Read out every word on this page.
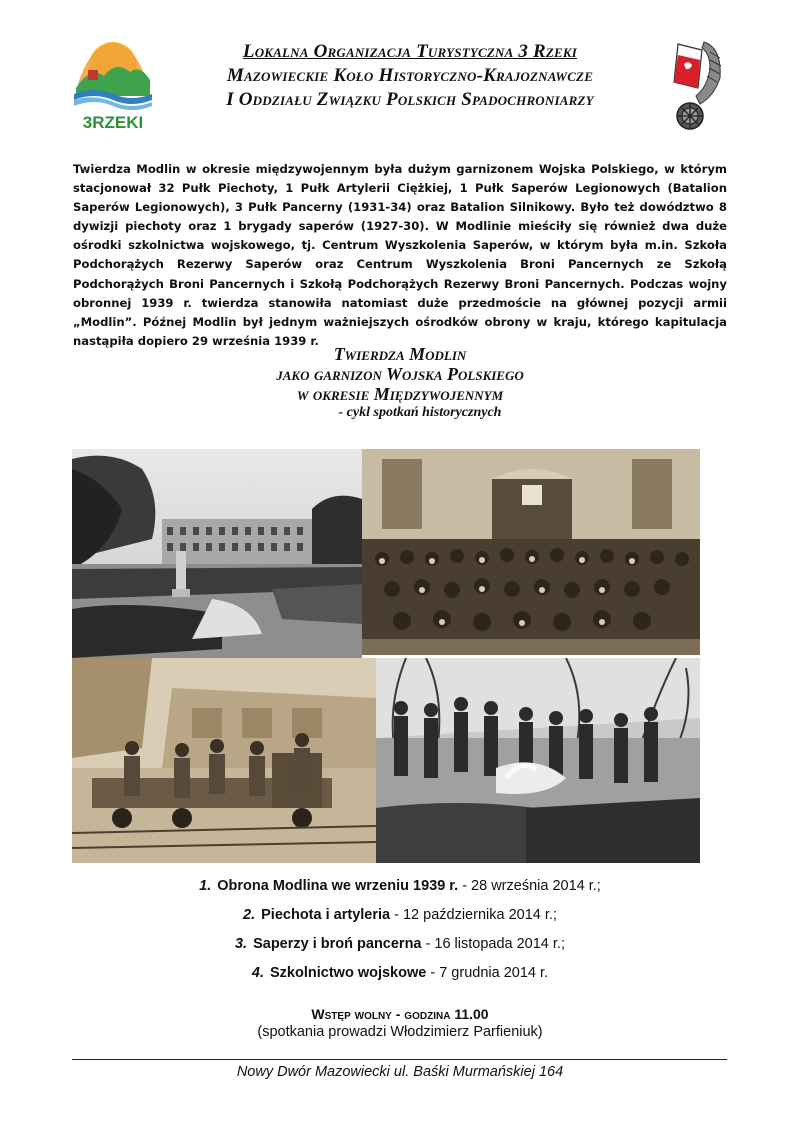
3RZEKI
Lokalna Organizacja Turystyczna 3 Rzeki
Mazowieckie Koło Historyczno-Krajoznawcze
I Oddziału Związku Polskich Spadochroniarzy
Twierdza Modlin w okresie międzywojennym była dużym garnizonem Wojska Polskiego, w którym stacjonował 32 Pułk Piechoty, 1 Pułk Artylerii Ciężkiej, 1 Pułk Saperów Legionowych (Batalion Saperów Legionowych), 3 Pułk Pancerny (1931-34) oraz Batalion Silnikowy. Było też dowództwo 8 dywizji piechoty oraz 1 brygady saperów (1927-30). W Modlinie mieściły się również dwa duże ośrodki szkolnictwa wojskowego, tj. Centrum Wyszkolenia Saperów, w którym była m.in. Szkoła Podchorążych Rezerwy Saperów oraz Centrum Wyszkolenia Broni Pancernych ze Szkołą Podchorążych Broni Pancernych i Szkołą Podchorążych Rezerwy Broni Pancernych. Podczas wojny obronnej 1939 r. twierdza stanowiła natomiast duże przedmoście na głównej pozycji armii „Modlin”. Późnej Modlin był jednym ważniejszych ośrodków obrony w kraju, którego kapitulacja nastąpiła dopiero 29 września 1939 r.
Twierdza Modlin
jako garnizon Wojska Polskiego
w okresie Międzywojennym
- cykl spotkań historycznych
1. Obrona Modlina we wrzeniu 1939 r. - 28 września 2014 r.;
2. Piechota i artyleria - 12 października 2014 r.;
3. Saperzy i broń pancerna - 16 listopada 2014 r.;
4. Szkolnictwo wojskowe - 7 grudnia 2014 r.
Wstęp wolny - godzina 11.00
(spotkania prowadzi Włodzimierz Parfieniuk)
Nowy Dwór Mazowiecki ul. Baśki Murmańskiej 164
